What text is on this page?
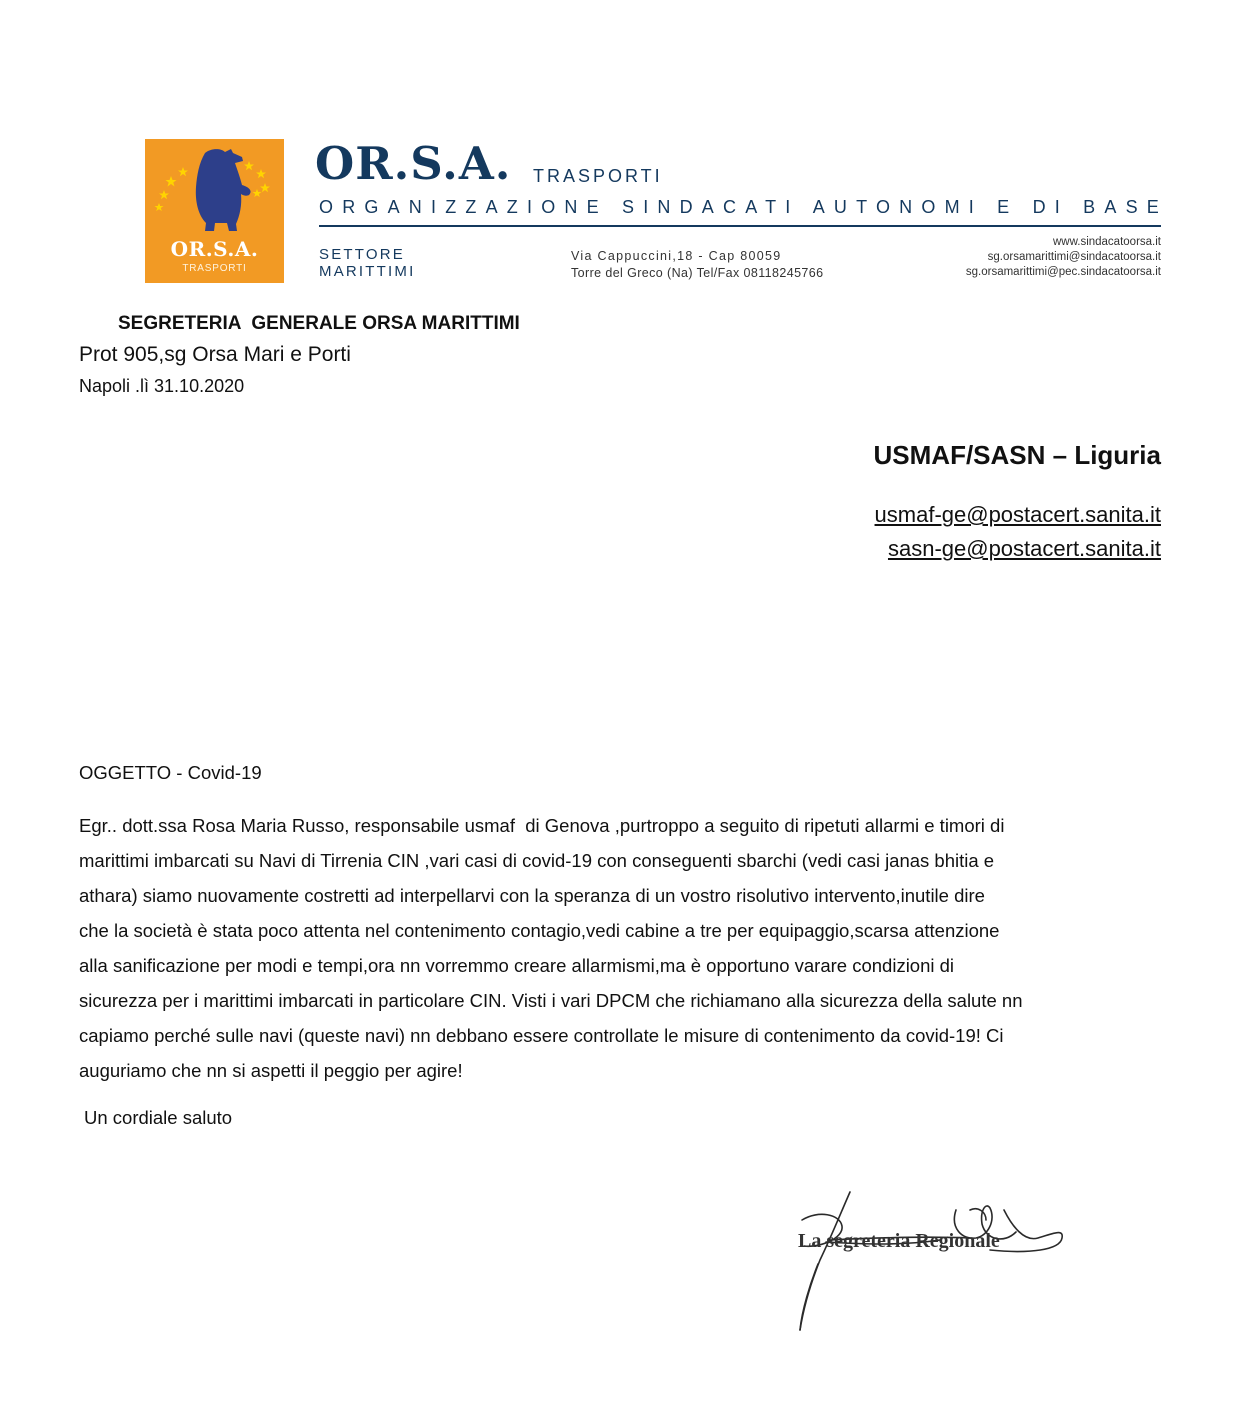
OR.S.A.
TRASPORTI
OR.S.A. TRASPORTI
ORGANIZZAZIONE SINDACATI AUTONOMI E DI BASE
SETTORE
MARITTIMI
Via Cappuccini,18 - Cap 80059
Torre del Greco (Na) Tel/Fax 08118245766
www.sindacatoorsa.it
sg.orsamarittimi@sindacatoorsa.it
sg.orsamarittimi@pec.sindacatoorsa.it
SEGRETERIA  GENERALE ORSA MARITTIMI
Prot 905,sg Orsa Mari e Porti
Napoli .lì 31.10.2020
USMAF/SASN – Liguria
usmaf-ge@postacert.sanita.it
sasn-ge@postacert.sanita.it
OGGETTO - Covid-19
Egr.. dott.ssa Rosa Maria Russo, responsabile usmaf  di Genova ,purtroppo a seguito di ripetuti allarmi e timori di
marittimi imbarcati su Navi di Tirrenia CIN ,vari casi di covid-19 con conseguenti sbarchi (vedi casi janas bhitia e
athara) siamo nuovamente costretti ad interpellarvi con la speranza di un vostro risolutivo intervento,inutile dire
che la società è stata poco attenta nel contenimento contagio,vedi cabine a tre per equipaggio,scarsa attenzione
alla sanificazione per modi e tempi,ora nn vorremmo creare allarmismi,ma è opportuno varare condizioni di
sicurezza per i marittimi imbarcati in particolare CIN. Visti i vari DPCM che richiamano alla sicurezza della salute nn
capiamo perché sulle navi (queste navi) nn debbano essere controllate le misure di contenimento da covid-19! Ci
auguriamo che nn si aspetti il peggio per agire!
Un cordiale saluto
La segreteria Regionale
